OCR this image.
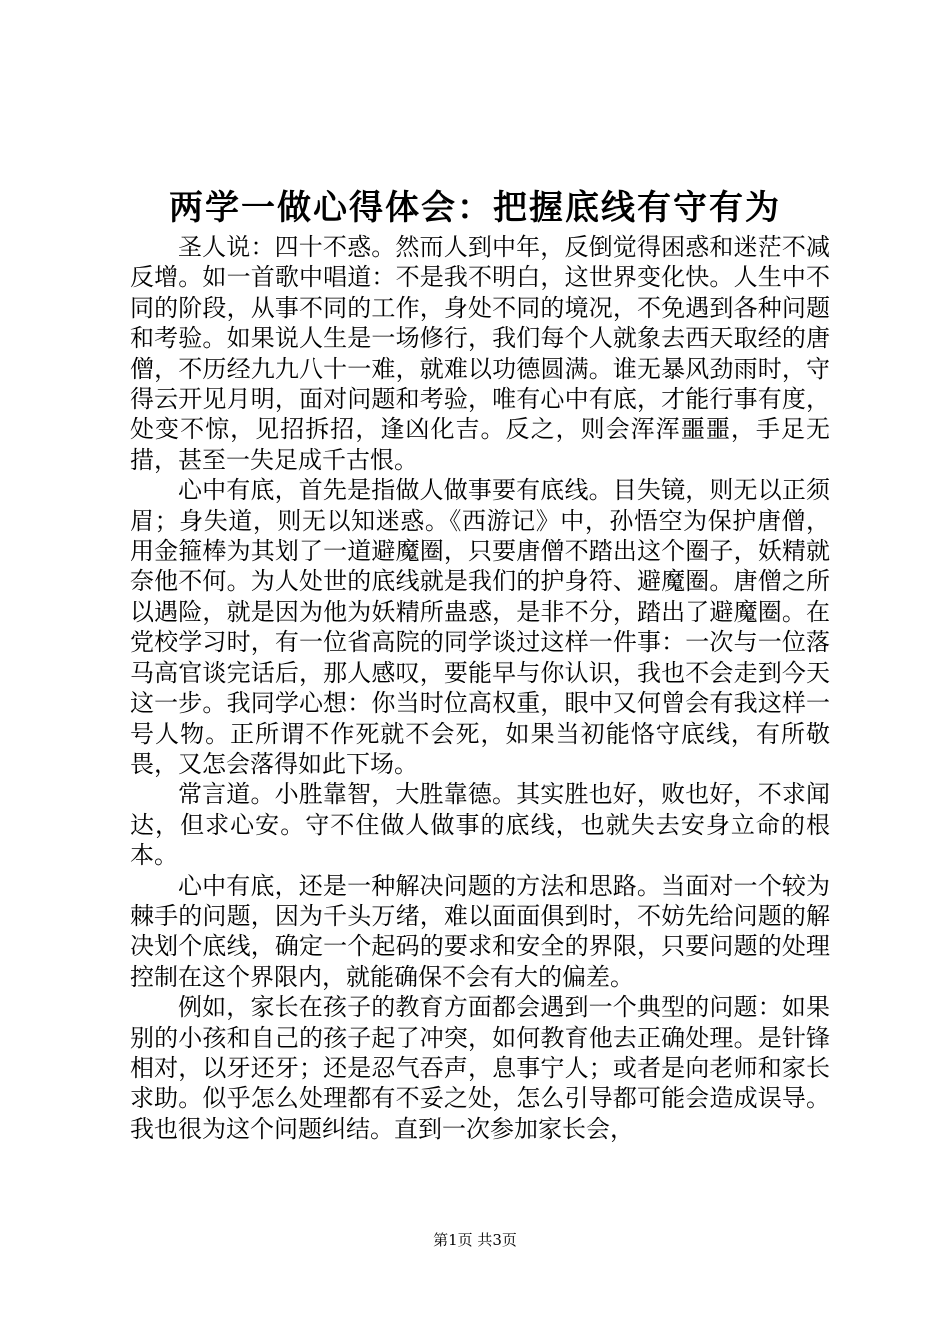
两学一做心得体会：把握底线有守有为

圣人说：四十不惑。然而人到中年，反倒觉得困惑和迷茫不减反增。如一首歌中唱道：不是我不明白，这世界变化快。人生中不同的阶段，从事不同的工作，身处不同的境况，不免遇到各种问题和考验。如果说人生是一场修行，我们每个人就象去西天取经的唐僧，不历经九九八十一难，就难以功德圆满。谁无暴风劲雨时，守得云开见月明，面对问题和考验，唯有心中有底，才能行事有度，处变不惊，见招拆招，逢凶化吉。反之，则会浑浑噩噩，手足无措，甚至一失足成千古恨。

心中有底，首先是指做人做事要有底线。目失镜，则无以正须眉；身失道，则无以知迷惑。《西游记》中，孙悟空为保护唐僧，用金箍棒为其划了一道避魔圈，只要唐僧不踏出这个圈子，妖精就奈他不何。为人处世的底线就是我们的护身符、避魔圈。唐僧之所以遇险，就是因为他为妖精所蛊惑，是非不分，踏出了避魔圈。在党校学习时，有一位省高院的同学谈过这样一件事：一次与一位落马高官谈完话后，那人感叹，要能早与你认识，我也不会走到今天这一步。我同学心想：你当时位高权重，眼中又何曾会有我这样一号人物。正所谓不作死就不会死，如果当初能恪守底线，有所敬畏，又怎会落得如此下场。

常言道。小胜靠智，大胜靠德。其实胜也好，败也好，不求闻达，但求心安。守不住做人做事的底线，也就失去安身立命的根本。

心中有底，还是一种解决问题的方法和思路。当面对一个较为棘手的问题，因为千头万绪，难以面面俱到时，不妨先给问题的解决划个底线，确定一个起码的要求和安全的界限，只要问题的处理控制在这个界限内，就能确保不会有大的偏差。

例如，家长在孩子的教育方面都会遇到一个典型的问题：如果别的小孩和自己的孩子起了冲突，如何教育他去正确处理。是针锋相对，以牙还牙；还是忍气吞声，息事宁人；或者是向老师和家长求助。似乎怎么处理都有不妥之处，怎么引导都可能会造成误导。我也很为这个问题纠结。直到一次参加家长会，

第1页 共3页
